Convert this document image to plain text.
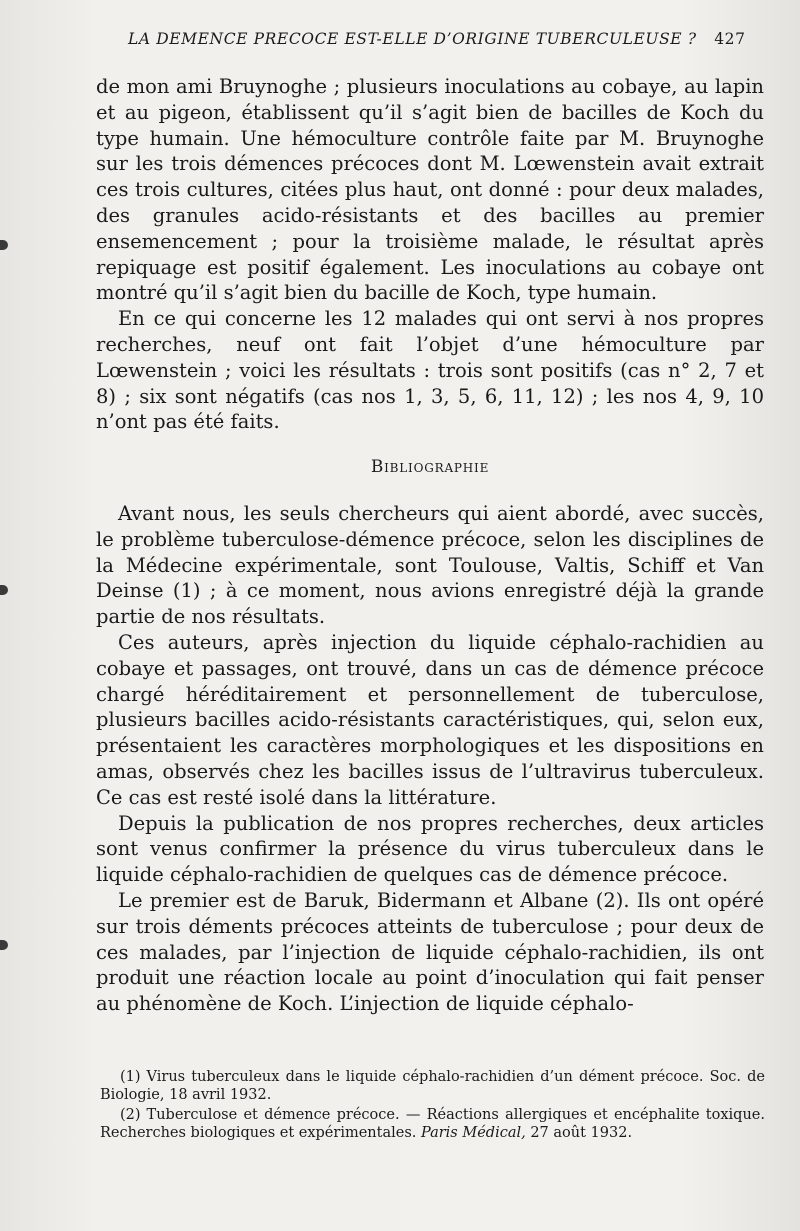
LA DEMENCE PRECOCE EST-ELLE D’ORIGINE TUBERCULEUSE ? 427

de mon ami Bruynoghe ; plusieurs inoculations au cobaye, au lapin et au pigeon, établissent qu’il s’agit bien de bacilles de Koch du type humain. Une hémoculture contrôle faite par M. Bruynoghe sur les trois démences précoces dont M. Lœwenstein avait extrait ces trois cultures, citées plus haut, ont donné : pour deux malades, des granules acido-résistants et des bacilles au premier ensemencement ; pour la troisième malade, le résultat après repiquage est positif également. Les inoculations au cobaye ont montré qu’il s’agit bien du bacille de Koch, type humain.

En ce qui concerne les 12 malades qui ont servi à nos propres recherches, neuf ont fait l’objet d’une hémoculture par Lœwenstein ; voici les résultats : trois sont positifs (cas n° 2, 7 et 8) ; six sont négatifs (cas nos 1, 3, 5, 6, 11, 12) ; les nos 4, 9, 10 n’ont pas été faits.

Bibliographie

Avant nous, les seuls chercheurs qui aient abordé, avec succès, le problème tuberculose-démence précoce, selon les disciplines de la Médecine expérimentale, sont Toulouse, Valtis, Schiff et Van Deinse (1) ; à ce moment, nous avions enregistré déjà la grande partie de nos résultats.

Ces auteurs, après injection du liquide céphalo-rachidien au cobaye et passages, ont trouvé, dans un cas de démence précoce chargé héréditairement et personnellement de tuberculose, plusieurs bacilles acido-résistants caractéristiques, qui, selon eux, présentaient les caractères morphologiques et les dispositions en amas, observés chez les bacilles issus de l’ultravirus tuberculeux. Ce cas est resté isolé dans la littérature.

Depuis la publication de nos propres recherches, deux articles sont venus confirmer la présence du virus tuberculeux dans le liquide céphalo-rachidien de quelques cas de démence précoce.

Le premier est de Baruk, Bidermann et Albane (2). Ils ont opéré sur trois déments précoces atteints de tuberculose ; pour deux de ces malades, par l’injection de liquide céphalo-rachidien, ils ont produit une réaction locale au point d’inoculation qui fait penser au phénomène de Koch. L’injection de liquide céphalo-

(1) Virus tuberculeux dans le liquide céphalo-rachidien d’un dément précoce. Soc. de Biologie, 18 avril 1932.

(2) Tuberculose et démence précoce. — Réactions allergiques et encéphalite toxique. Recherches biologiques et expérimentales. Paris Médical, 27 août 1932.
